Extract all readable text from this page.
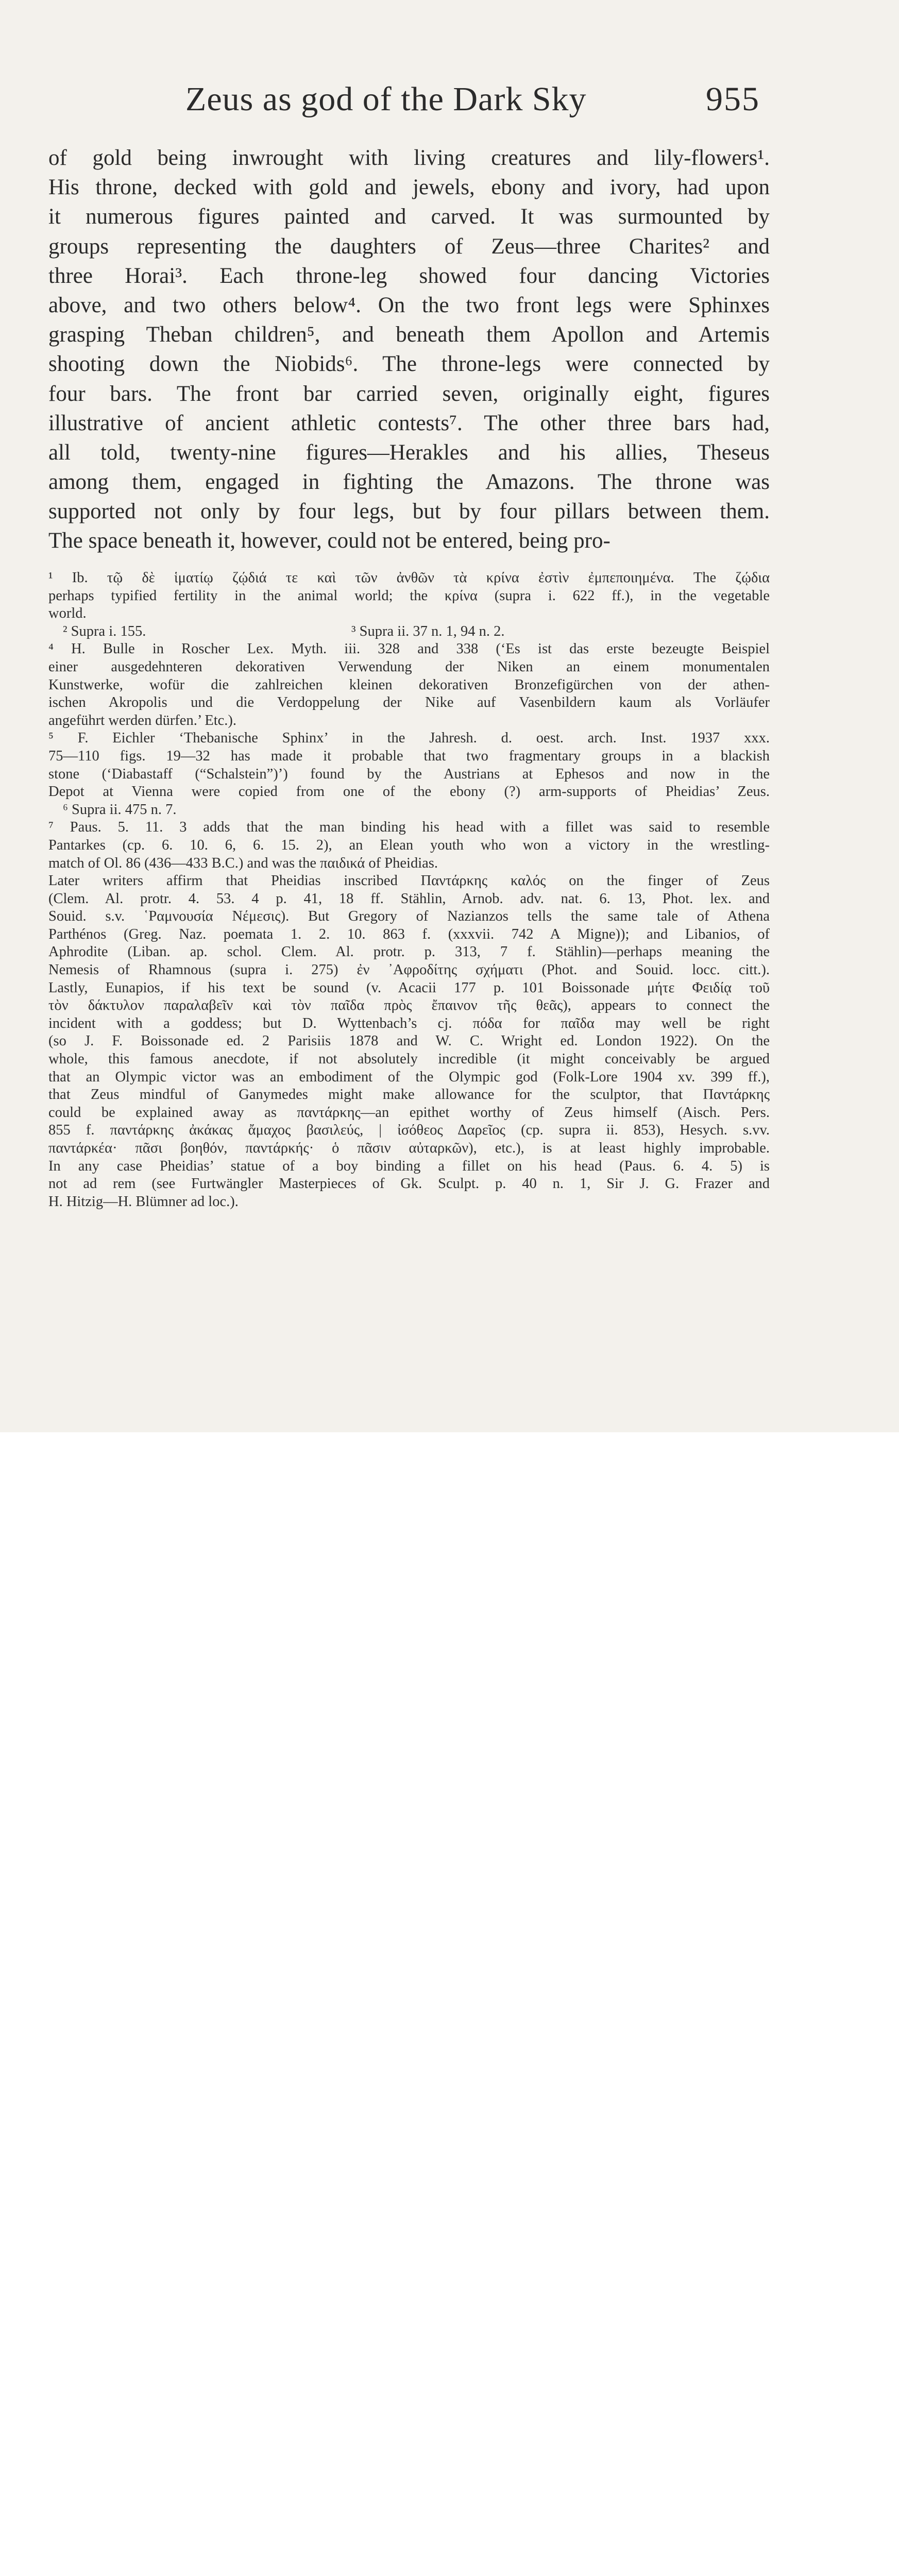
Zeus as god of the Dark Sky	955
of gold being inwrought with living creatures and lily-flowers¹.
His throne, decked with gold and jewels, ebony and ivory, had upon
it numerous figures painted and carved. It was surmounted by
groups representing the daughters of Zeus—three Charites² and
three Horai³. Each throne-leg showed four dancing Victories
above, and two others below⁴. On the two front legs were Sphinxes
grasping Theban children⁵, and beneath them Apollon and Artemis
shooting down the Niobids⁶. The throne-legs were connected by
four bars. The front bar carried seven, originally eight, figures
illustrative of ancient athletic contests⁷. The other three bars had,
all told, twenty-nine figures—Herakles and his allies, Theseus
among them, engaged in fighting the Amazons. The throne was
supported not only by four legs, but by four pillars between them.
The space beneath it, however, could not be entered, being pro-
¹ Ib. τῷ δὲ ἱματίῳ ζῴδιά τε καὶ τῶν ἀνθῶν τὰ κρίνα ἐστὶν ἐμπεποιημένα. The ζῴδια
perhaps typified fertility in the animal world; the κρίνα (supra i. 622 ff.), in the vegetable
world.
² Supra i. 155.	³ Supra ii. 37 n. 1, 94 n. 2.
⁴ H. Bulle in Roscher Lex. Myth. iii. 328 and 338 (‘Es ist das erste bezeugte Beispiel
einer ausgedehnteren dekorativen Verwendung der Niken an einem monumentalen
Kunstwerke, wofür die zahlreichen kleinen dekorativen Bronzefigürchen von der athen-
ischen Akropolis und die Verdoppelung der Nike auf Vasenbildern kaum als Vorläufer
angeführt werden dürfen.’ Etc.).
⁵ F. Eichler ‘Thebanische Sphinx’ in the Jahresh. d. oest. arch. Inst. 1937 xxx.
75—110 figs. 19—32 has made it probable that two fragmentary groups in a blackish
stone (‘Diabastaff (“Schalstein”)’) found by the Austrians at Ephesos and now in the
Depot at Vienna were copied from one of the ebony (?) arm-supports of Pheidias’ Zeus.
⁶ Supra ii. 475 n. 7.
⁷ Paus. 5. 11. 3 adds that the man binding his head with a fillet was said to resemble
Pantarkes (cp. 6. 10. 6, 6. 15. 2), an Elean youth who won a victory in the wrestling-
match of Ol. 86 (436—433 B.C.) and was the παιδικά of Pheidias.
Later writers affirm that Pheidias inscribed Παντάρκης καλός on the finger of Zeus
(Clem. Al. protr. 4. 53. 4 p. 41, 18 ff. Stählin, Arnob. adv. nat. 6. 13, Phot. lex. and
Souid. s.v. ῾Ραμνουσία Νέμεσις). But Gregory of Nazianzos tells the same tale of Athena
Parthénos (Greg. Naz. poemata 1. 2. 10. 863 f. (xxxvii. 742 A Migne)); and Libanios, of
Aphrodite (Liban. ap. schol. Clem. Al. protr. p. 313, 7 f. Stählin)—perhaps meaning the
Nemesis of Rhamnous (supra i. 275) ἐν ᾽Αφροδίτης σχήματι (Phot. and Souid. locc. citt.).
Lastly, Eunapios, if his text be sound (v. Acacii 177 p. 101 Boissonade μήτε Φειδίᾳ τοῦ
τὸν δάκτυλον παραλαβεῖν καὶ τὸν παῖδα πρὸς ἔπαινον τῆς θεᾶς), appears to connect the
incident with a goddess; but D. Wyttenbach’s cj. πόδα for παῖδα may well be right
(so J. F. Boissonade ed. 2 Parisiis 1878 and W. C. Wright ed. London 1922). On the
whole, this famous anecdote, if not absolutely incredible (it might conceivably be argued
that an Olympic victor was an embodiment of the Olympic god (Folk-Lore 1904 xv. 399 ff.),
that Zeus mindful of Ganymedes might make allowance for the sculptor, that Παντάρκης
could be explained away as παντάρκης—an epithet worthy of Zeus himself (Aisch. Pers.
855 f. παντάρκης ἀκάκας ἄμαχος βασιλεύς, | ἰσόθεος Δαρεῖος (cp. supra ii. 853), Hesych. s.vv.
παντάρκέα· πᾶσι βοηθόν, παντάρκής· ὁ πᾶσιν αὐταρκῶν), etc.), is at least highly improbable.
In any case Pheidias’ statue of a boy binding a fillet on his head (Paus. 6. 4. 5) is
not ad rem (see Furtwängler Masterpieces of Gk. Sculpt. p. 40 n. 1, Sir J. G. Frazer and
H. Hitzig—H. Blümner ad loc.).
